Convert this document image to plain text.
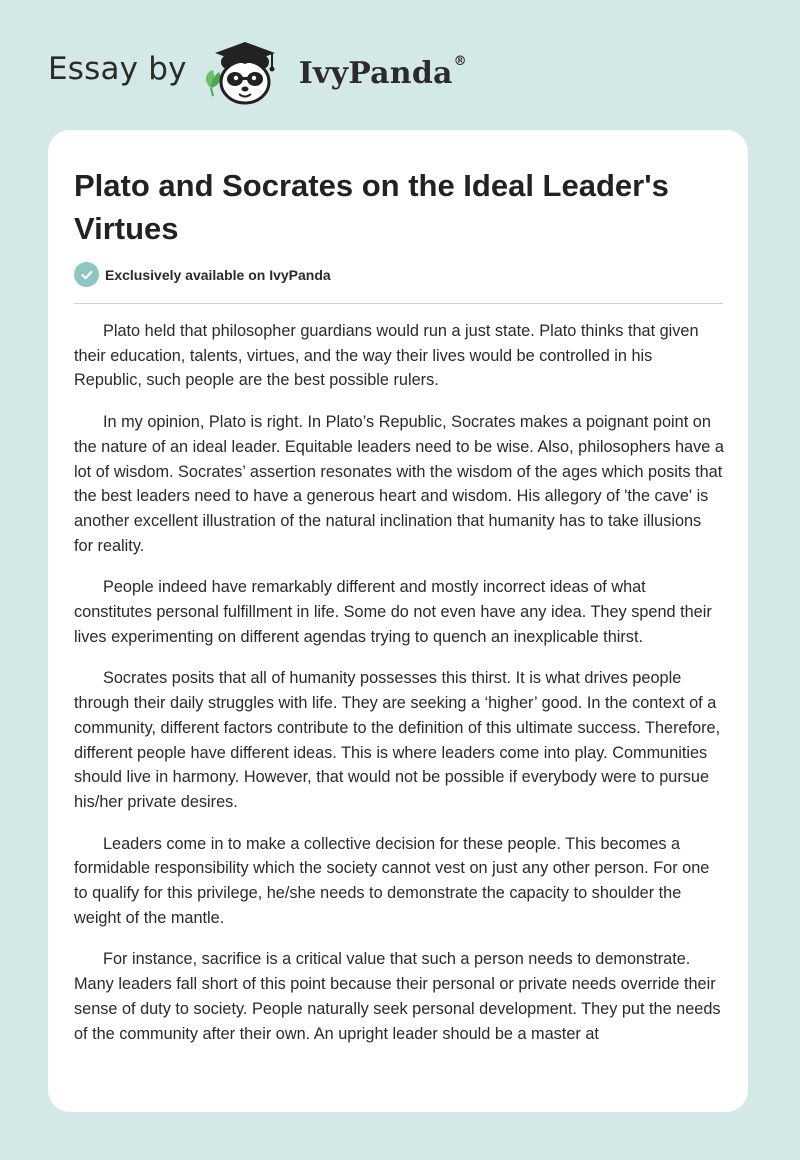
Essay by	IvyPanda®
Plato and Socrates on the Ideal Leader's Virtues
Exclusively available on IvyPanda

Plato held that philosopher guardians would run a just state. Plato thinks that given their education, talents, virtues, and the way their lives would be controlled in his Republic, such people are the best possible rulers.

In my opinion, Plato is right. In Plato’s Republic, Socrates makes a poignant point on the nature of an ideal leader. Equitable leaders need to be wise. Also, philosophers have a lot of wisdom. Socrates’ assertion resonates with the wisdom of the ages which posits that the best leaders need to have a generous heart and wisdom. His allegory of 'the cave' is another excellent illustration of the natural inclination that humanity has to take illusions for reality.

People indeed have remarkably different and mostly incorrect ideas of what constitutes personal fulfillment in life. Some do not even have any idea. They spend their lives experimenting on different agendas trying to quench an inexplicable thirst.

Socrates posits that all of humanity possesses this thirst. It is what drives people through their daily struggles with life. They are seeking a ‘higher’ good. In the context of a community, different factors contribute to the definition of this ultimate success. Therefore, different people have different ideas. This is where leaders come into play. Communities should live in harmony. However, that would not be possible if everybody were to pursue his/her private desires.

Leaders come in to make a collective decision for these people. This becomes a formidable responsibility which the society cannot vest on just any other person. For one to qualify for this privilege, he/she needs to demonstrate the capacity to shoulder the weight of the mantle.

For instance, sacrifice is a critical value that such a person needs to demonstrate. Many leaders fall short of this point because their personal or private needs override their sense of duty to society. People naturally seek personal development. They put the needs of the community after their own. An upright leader should be a master at
